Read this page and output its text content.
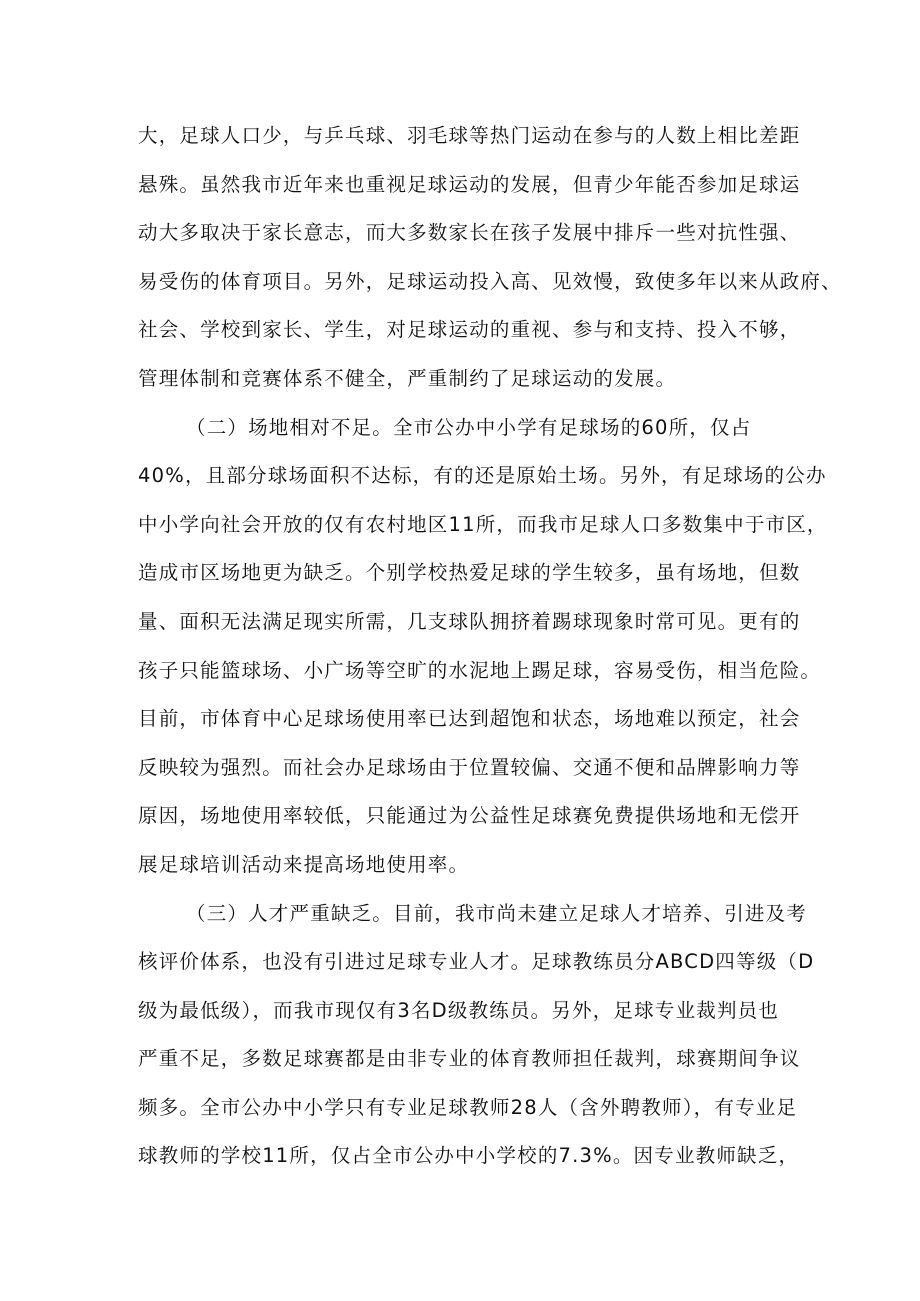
大，足球人口少，与乒乓球、羽毛球等热门运动在参与的人数上相比差距

悬殊。虽然我市近年来也重视足球运动的发展，但青少年能否参加足球运

动大多取决于家长意志，而大多数家长在孩子发展中排斥一些对抗性强、

易受伤的体育项目。另外，足球运动投入高、见效慢，致使多年以来从政府、

社会、学校到家长、学生，对足球运动的重视、参与和支持、投入不够，

管理体制和竞赛体系不健全，严重制约了足球运动的发展。

（二）场地相对不足。全市公办中小学有足球场的60所，仅占

40%，且部分球场面积不达标，有的还是原始土场。另外，有足球场的公办

中小学向社会开放的仅有农村地区11所，而我市足球人口多数集中于市区，

造成市区场地更为缺乏。个别学校热爱足球的学生较多，虽有场地，但数

量、面积无法满足现实所需，几支球队拥挤着踢球现象时常可见。更有的

孩子只能篮球场、小广场等空旷的水泥地上踢足球，容易受伤，相当危险。

目前，市体育中心足球场使用率已达到超饱和状态，场地难以预定，社会

反映较为强烈。而社会办足球场由于位置较偏、交通不便和品牌影响力等

原因，场地使用率较低，只能通过为公益性足球赛免费提供场地和无偿开

展足球培训活动来提高场地使用率。

（三）人才严重缺乏。目前，我市尚未建立足球人才培养、引进及考

核评价体系，也没有引进过足球专业人才。足球教练员分ABCD四等级（D

级为最低级），而我市现仅有3名D级教练员。另外，足球专业裁判员也

严重不足，多数足球赛都是由非专业的体育教师担任裁判，球赛期间争议

频多。全市公办中小学只有专业足球教师28人（含外聘教师），有专业足

球教师的学校11所，仅占全市公办中小学校的7.3%。因专业教师缺乏，
